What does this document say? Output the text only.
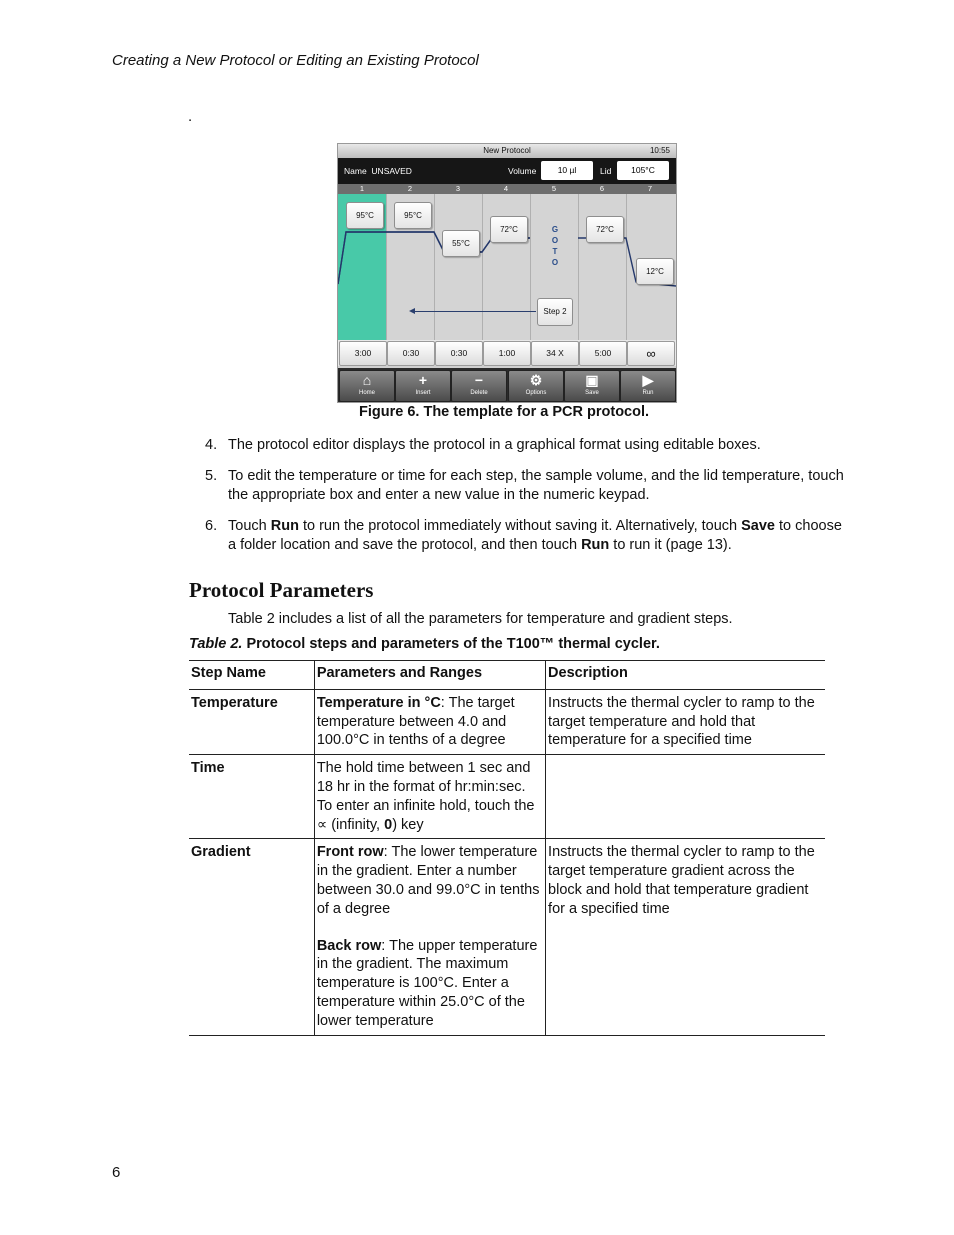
Creating a New Protocol or Editing an Existing Protocol
.
New Protocol	10:55
Name UNSAVED	Volume	10 µl	Lid	105°C
1	2	3	4	5	6	7
95°C	95°C
55°C
72°C	72°C
12°C
G
O
T
O
Step 2
3:00	0:30	0:30	1:00	34 X	5:00	∞
⌂
Home
+
Insert
−
Delete
⚙
Options
▣
Save
▶
Run
Figure 6. The template for a PCR protocol.
4. The protocol editor displays the protocol in a graphical format using editable boxes.
5. To edit the temperature or time for each step, the sample volume, and the lid temperature, touch the appropriate box and enter a new value in the numeric keypad.
6. Touch Run to run the protocol immediately without saving it. Alternatively, touch Save to choose a folder location and save the protocol, and then touch Run to run it (page 13).
Protocol Parameters
Table 2 includes a list of all the parameters for temperature and gradient steps.
Table 2. Protocol steps and parameters of the T100™ thermal cycler.
Step Name	Parameters and Ranges	Description
Temperature	Temperature in °C: The target temperature between 4.0 and 100.0°C in tenths of a degree	Instructs the thermal cycler to ramp to the target temperature and hold that temperature for a specified time
Time	The hold time between 1 sec and 18 hr in the format of hr:min:sec. To enter an infinite hold, touch the ∝ (infinity, 0) key	
Gradient	Front row: The lower temperature in the gradient. Enter a number between 30.0 and 99.0°C in tenths of a degree
Back row: The upper temperature in the gradient. The maximum temperature is 100°C. Enter a temperature within 25.0°C of the lower temperature	Instructs the thermal cycler to ramp to the target temperature gradient across the block and hold that temperature gradient for a specified time
6
